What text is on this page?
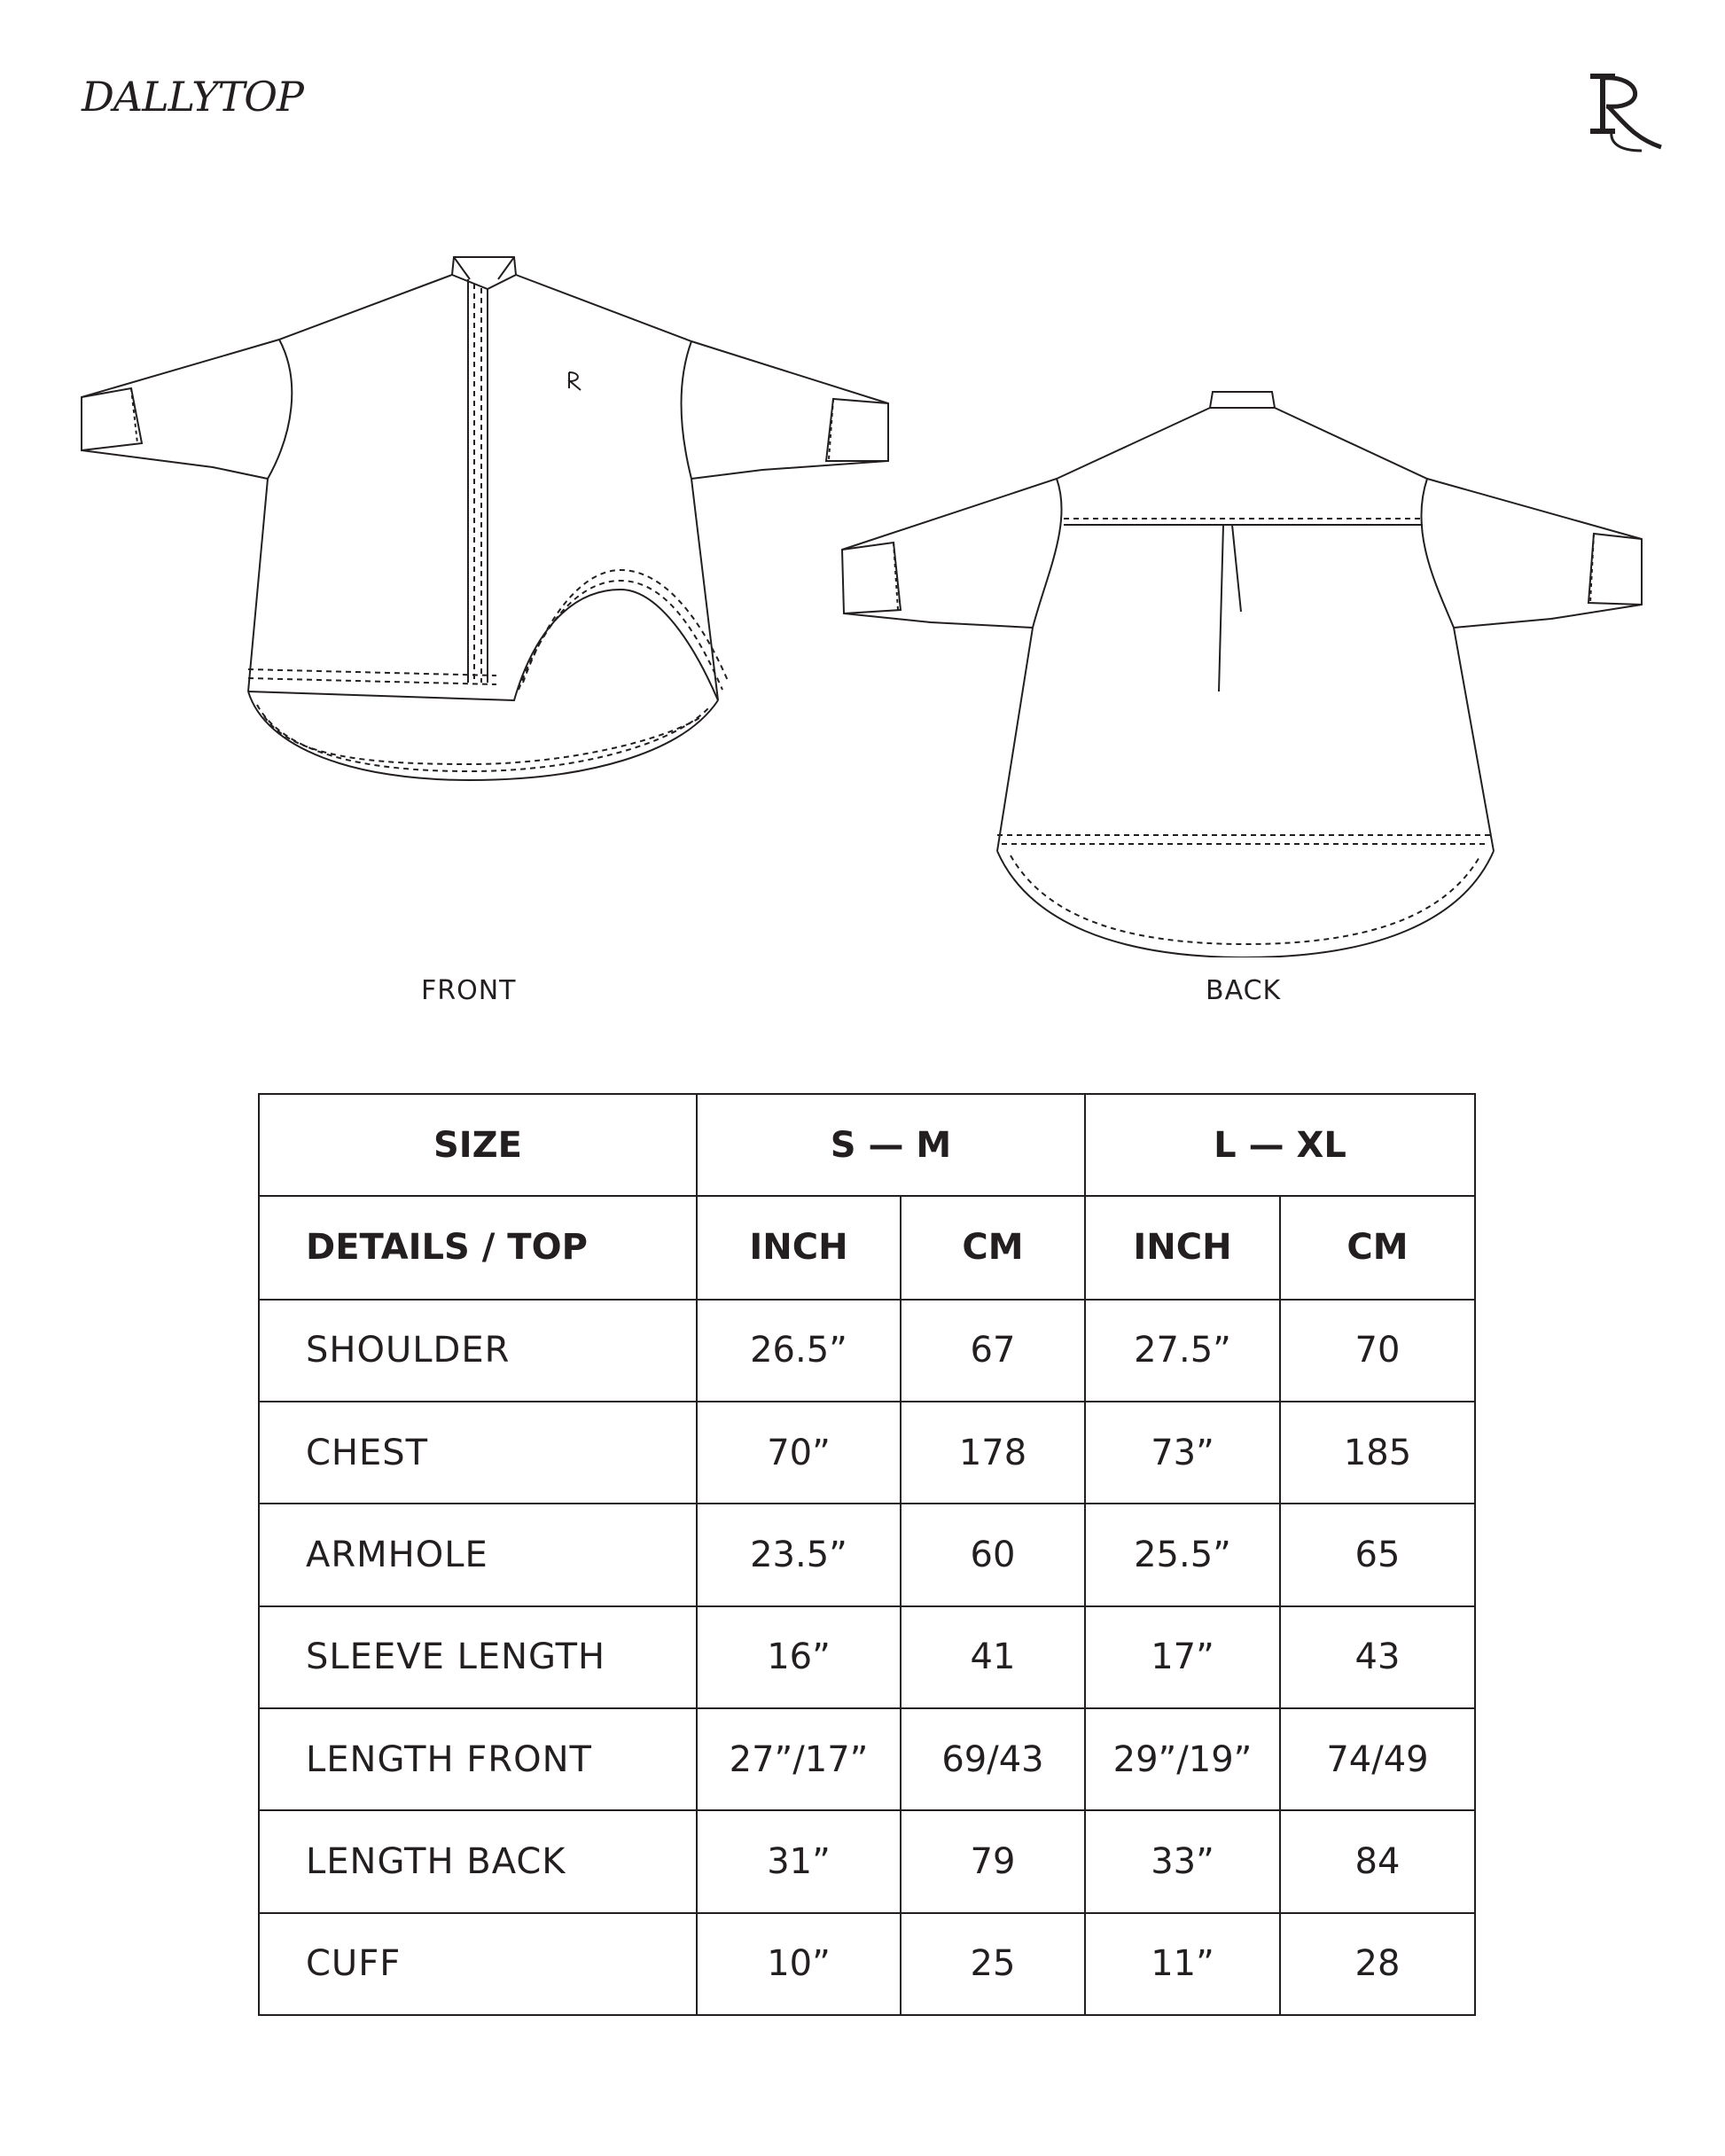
DALLYTOP
FRONT	BACK
SIZE	S — M		L — XL	
DETAILS / TOP	INCH	CM	INCH	CM
SHOULDER	26.5”	67	27.5”	70
CHEST	70”	178	73”	185
ARMHOLE	23.5”	60	25.5”	65
SLEEVE LENGTH	16”	41	17”	43
LENGTH FRONT	27”/17”	69/43	29”/19”	74/49
LENGTH BACK	31”	79	33”	84
CUFF	10”	25	11”	28
